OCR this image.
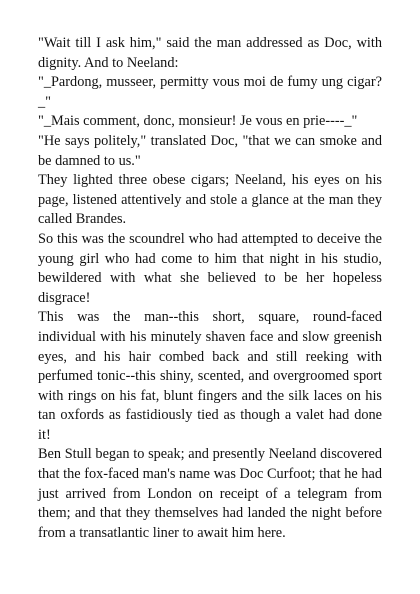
"Wait till I ask him," said the man addressed as Doc, with dignity. And to Neeland:

"_Pardong, musseer, permitty vous moi de fumy ung cigar?_"

"_Mais comment, donc, monsieur! Je vous en prie----_"

"He says politely," translated Doc, "that we can smoke and be damned to us."

They lighted three obese cigars; Neeland, his eyes on his page, listened attentively and stole a glance at the man they called Brandes.

So this was the scoundrel who had attempted to deceive the young girl who had come to him that night in his studio, bewildered with what she believed to be her hopeless disgrace!

This was the man--this short, square, round-faced individual with his minutely shaven face and slow greenish eyes, and his hair combed back and still reeking with perfumed tonic--this shiny, scented, and overgroomed sport with rings on his fat, blunt fingers and the silk laces on his tan oxfords as fastidiously tied as though a valet had done it!

Ben Stull began to speak; and presently Neeland discovered that the fox-faced man's name was Doc Curfoot; that he had just arrived from London on receipt of a telegram from them; and that they themselves had landed the night before from a transatlantic liner to await him here.
